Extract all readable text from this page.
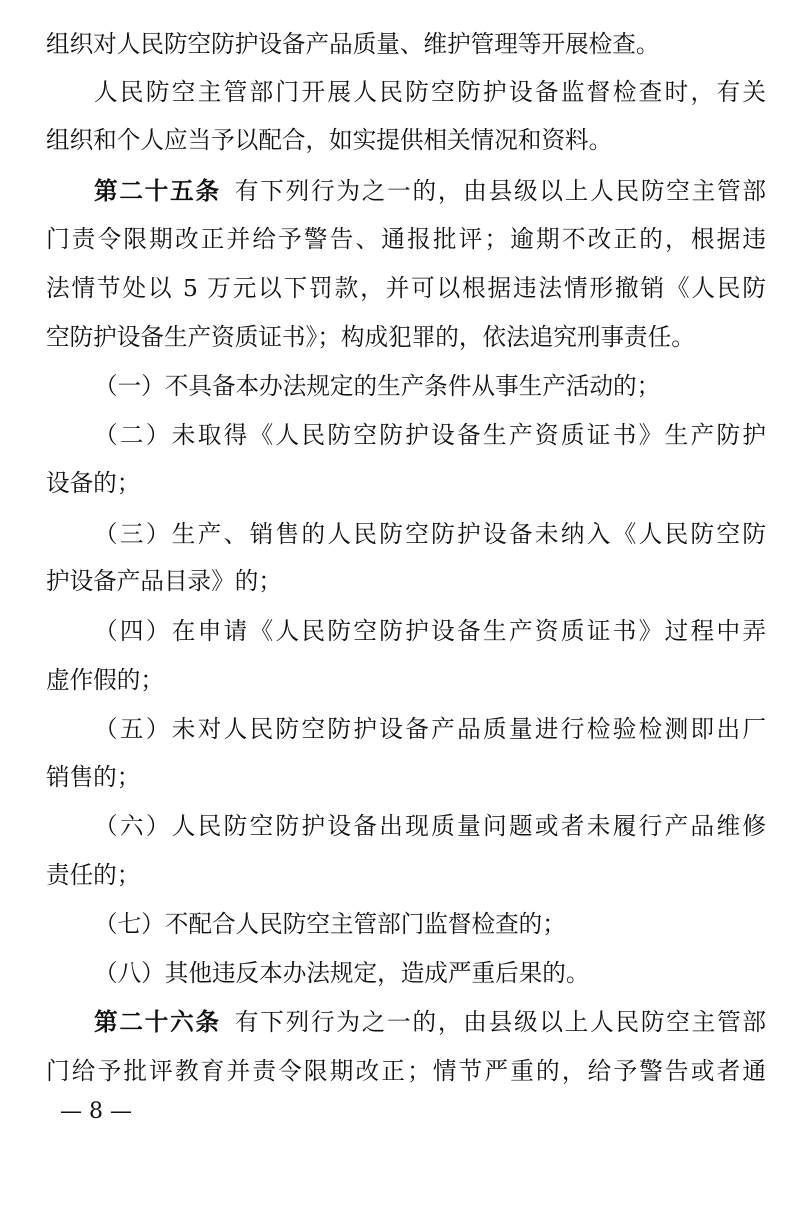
组织对人民防空防护设备产品质量、维护管理等开展检查。
人民防空主管部门开展人民防空防护设备监督检查时，有关
组织和个人应当予以配合，如实提供相关情况和资料。
第二十五条 有下列行为之一的，由县级以上人民防空主管部
门责令限期改正并给予警告、通报批评；逾期不改正的，根据违
法情节处以 5 万元以下罚款，并可以根据违法情形撤销《人民防
空防护设备生产资质证书》；构成犯罪的，依法追究刑事责任。
（一）不具备本办法规定的生产条件从事生产活动的；
（二）未取得《人民防空防护设备生产资质证书》生产防护
设备的；
（三）生产、销售的人民防空防护设备未纳入《人民防空防
护设备产品目录》的；
（四）在申请《人民防空防护设备生产资质证书》过程中弄
虚作假的；
（五）未对人民防空防护设备产品质量进行检验检测即出厂
销售的；
（六）人民防空防护设备出现质量问题或者未履行产品维修
责任的；
（七）不配合人民防空主管部门监督检查的；
（八）其他违反本办法规定，造成严重后果的。
第二十六条 有下列行为之一的，由县级以上人民防空主管部
门给予批评教育并责令限期改正；情节严重的，给予警告或者通
— 8 —
